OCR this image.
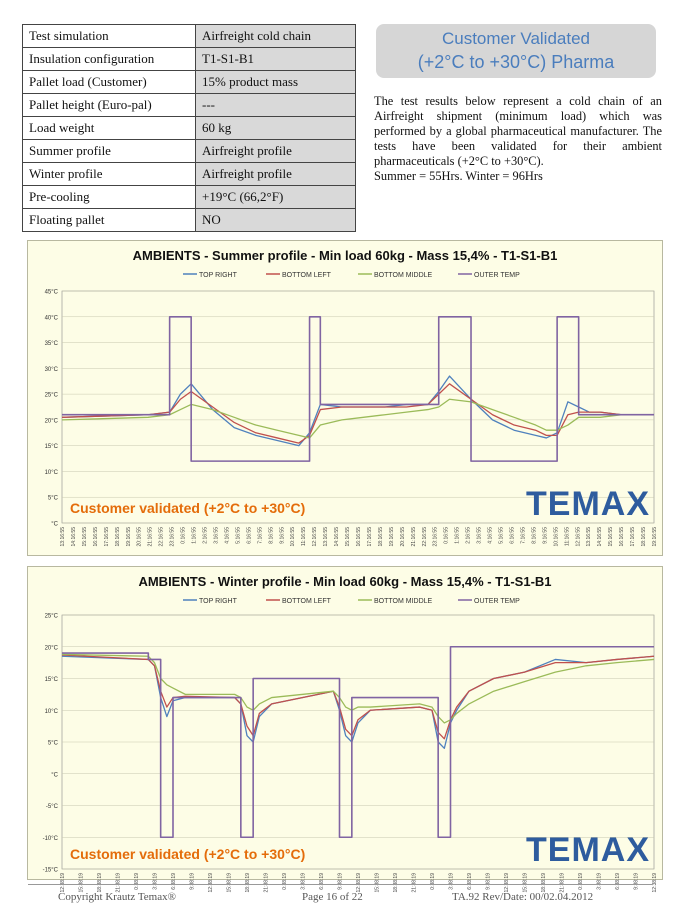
Test simulation	Airfreight cold chain
Insulation configuration	T1-S1-B1
Pallet load (Customer)	15% product mass
Pallet height (Euro-pal)	---
Load weight	60 kg
Summer profile	Airfreight profile
Winter profile	Airfreight profile
Pre-cooling	+19°C (66,2°F)
Floating pallet	NO
Customer Validated
(+2°C to +30°C) Pharma
The test results below represent a cold chain of an Airfreight shipment (minimum load) which was performed by a global pharmaceutical manufacturer. The tests have been validated for their ambient pharmaceuticals (+2°C to +30°C).
Summer = 55Hrs. Winter = 96Hrs
AMBIENTS - Summer profile - Min load 60kg - Mass 15,4% - T1-S1-B1
TOP RIGHT	BOTTOM LEFT	BOTTOM MIDDLE	OUTER TEMP
45°C
40°C
35°C
30°C
25°C
20°C
15°C
10°C
5°C
°C
13:16:55 14:16:55 15:16:55 16:16:55 17:16:55 18:16:55 19:16:55 20:16:55 21:16:55 22:16:55 23:16:55 0:16:55 1:16:55 2:16:55 3:16:55 4:16:55 5:16:55 6:16:55 7:16:55 8:16:55 9:16:55 10:16:55 11:16:55 12:16:55 13:16:55 14:16:55 15:16:55 16:16:55 17:16:55 18:16:55 19:16:55 20:16:55 21:16:55 22:16:55 23:16:55 0:16:55 1:16:55 2:16:55 3:16:55 4:16:55 5:16:55 6:16:55 7:16:55 8:16:55 9:16:55 10:16:55 11:16:55 12:16:55 13:16:55 14:16:55 15:16:55 16:16:55 17:16:55 18:16:55 19:16:55
Customer validated (+2°C to +30°C)	TEMAX
AMBIENTS - Winter profile - Min load 60kg - Mass 15,4% - T1-S1-B1
TOP RIGHT	BOTTOM LEFT	BOTTOM MIDDLE	OUTER TEMP
25°C
20°C
15°C
10°C
5°C
°C
-5°C
-10°C
-15°C
12:38:19	15:38:19	18:38:19	21:38:19	0:38:19	3:38:19	6:38:19	9:38:19	12:38:19	15:38:19	18:38:19	21:38:19	0:38:19	3:38:19	6:38:19	9:38:19	12:38:19	15:38:19	18:38:19	21:38:19	0:38:19	3:38:19	6:38:19	9:38:19	12:38:19	15:38:19	18:38:19	21:38:19	0:38:19	3:38:19	6:38:19	9:38:19	12:38:19
Customer validated (+2°C to +30°C)	TEMAX
Copyright Krautz Temax®	Page 16 of 22	TA.92 Rev/Date: 00/02.04.2012
